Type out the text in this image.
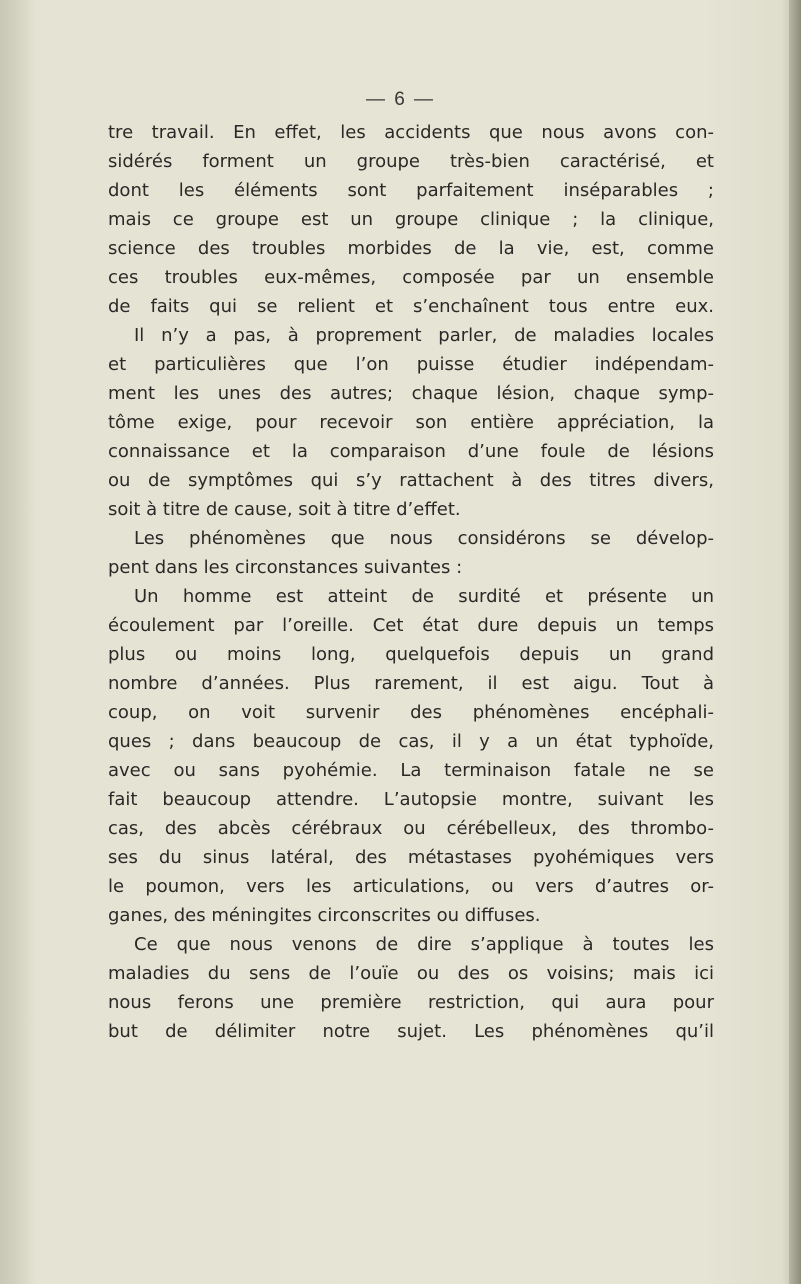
— 6 —
tre travail. En effet, les accidents que nous avons con-
sidérés forment un groupe très-bien caractérisé, et
dont les éléments sont parfaitement inséparables ;
mais ce groupe est un groupe clinique ; la clinique,
science des troubles morbides de la vie, est, comme
ces troubles eux-mêmes, composée par un ensemble
de faits qui se relient et s’enchaînent tous entre eux.
Il n’y a pas, à proprement parler, de maladies locales
et particulières que l’on puisse étudier indépendam-
ment les unes des autres; chaque lésion, chaque symp-
tôme exige, pour recevoir son entière appréciation, la
connaissance et la comparaison d’une foule de lésions
ou de symptômes qui s’y rattachent à des titres divers,
soit à titre de cause, soit à titre d’effet.
Les phénomènes que nous considérons se dévelop-
pent dans les circonstances suivantes :
Un homme est atteint de surdité et présente un
écoulement par l’oreille. Cet état dure depuis un temps
plus ou moins long, quelquefois depuis un grand
nombre d’années. Plus rarement, il est aigu. Tout à
coup, on voit survenir des phénomènes encéphali-
ques ; dans beaucoup de cas, il y a un état typhoïde,
avec ou sans pyohémie. La terminaison fatale ne se
fait beaucoup attendre. L’autopsie montre, suivant les
cas, des abcès cérébraux ou cérébelleux, des thrombo-
ses du sinus latéral, des métastases pyohémiques vers
le poumon, vers les articulations, ou vers d’autres or-
ganes, des méningites circonscrites ou diffuses.
Ce que nous venons de dire s’applique à toutes les
maladies du sens de l’ouïe ou des os voisins; mais ici
nous ferons une première restriction, qui aura pour
but de délimiter notre sujet. Les phénomènes qu’il
